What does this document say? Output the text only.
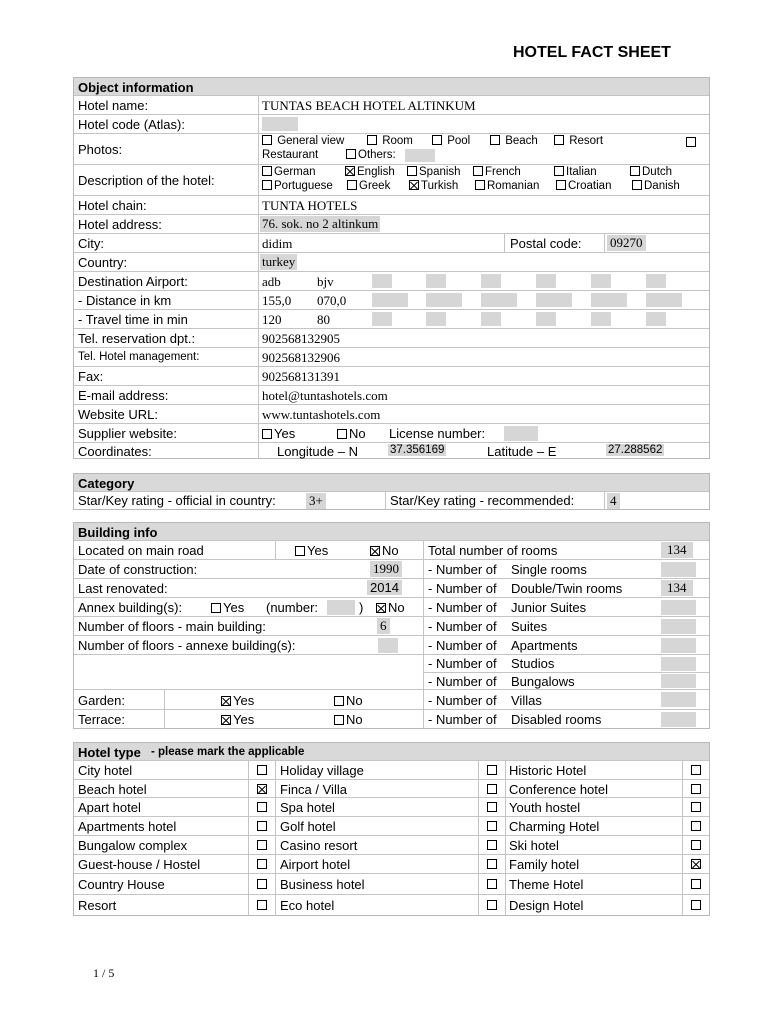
HOTEL FACT SHEET
Object information
Hotel name:	TUNTAS BEACH HOTEL ALTINKUM
Hotel code (Atlas):
Photos:
General view	Room	Pool	Beach	Resort
Restaurant	Others:
Description of the hotel:
German	English	Spanish	French	Italian	Dutch
Portuguese	Greek	Turkish	Romanian	Croatian	Danish
Hotel chain:	TUNTA HOTELS
Hotel address:	76. sok. no 2 altinkum
City:	didim	Postal code: 09270
Country:	turkey
Destination Airport:	adb	bjv
- Distance in km	155,0 070,0
- Travel time in min	120	80
Tel. reservation dpt.:	902568132905
Tel. Hotel management:	902568132906
Fax:	902568131391
E-mail address:	hotel@tuntashotels.com
Website URL:	www.tuntashotels.com
Supplier website:	Yes	No License number:
Coordinates:	Longitude – N	37.356169	Latitude – E	27.288562
Category
Star/Key rating - official in country:	3+	Star/Key rating - recommended:	4
Building info
Located on main road	Yes	No
Date of construction:	1990
Last renovated:	2014
Annex building(s):	Yes (number:	)	No
Number of floors - main building:	6
Number of floors - annexe building(s):
Garden:	Yes	No
Terrace:	Yes	No
Total number of rooms	134
- Number of Single rooms
- Number of Double/Twin rooms	134
- Number of Junior Suites
- Number of Suites
- Number of Apartments
- Number of Studios
- Number of Bungalows
- Number of Villas
- Number of Disabled rooms
Hotel type - please mark the applicable
City hotel	Holiday village	Historic Hotel
Beach hotel	Finca / Villa	Conference hotel
Apart hotel	Spa hotel	Youth hostel
Apartments hotel	Golf hotel	Charming Hotel
Bungalow complex	Casino resort	Ski hotel
Guest-house / Hostel	Airport hotel	Family hotel
Country House	Business hotel	Theme Hotel
Resort	Eco hotel	Design Hotel
1 / 5
